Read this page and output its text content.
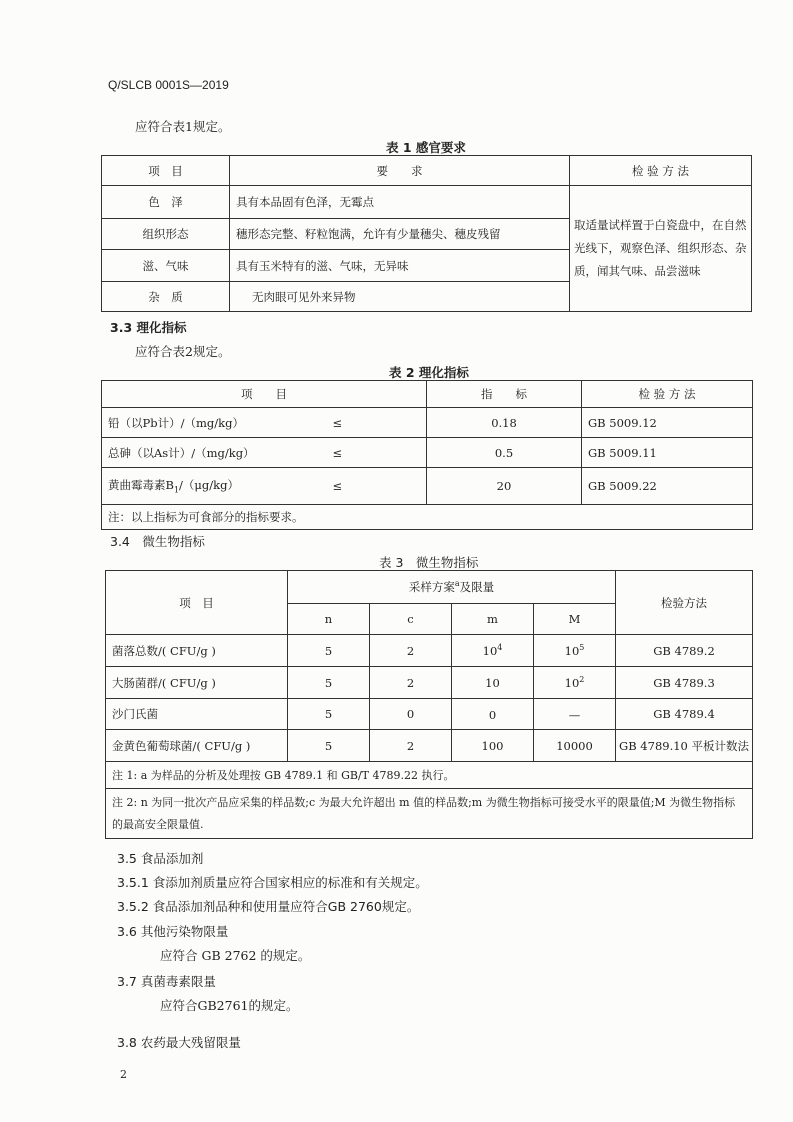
Q/SLCB 0001S—2019
应符合表1规定。
表 1 感官要求
项　目	要　　求	检 验 方 法
色　泽	具有本品固有色泽，无霉点	取适量试样置于白瓷盘中，在自然光线下，观察色泽、组织形态、杂质，闻其气味、品尝滋味
组织形态	穗形态完整、籽粒饱满，允许有少量穗尖、穗皮残留	
滋、气味	具有玉米特有的滋、气味，无异味	
杂　质	无肉眼可见外来异物	
3.3 理化指标
应符合表2规定。
表 2 理化指标
项　　目		指　　标	检 验 方 法
铅（以Pb计）/（mg/kg）	≤	0.18	GB 5009.12
总砷（以As计）/（mg/kg）	≤	0.5	GB 5009.11
黄曲霉毒素$B_1/(\mu g/kg)$	≤	20	GB 5009.22
注：以上指标为可食部分的指标要求。			
3.4　微生物指标
表 3　微生物指标
项　目	采样方案$^a$及限量				检验方法
	n	c	m	M	
菌落总数/( CFU/g )	5	2	$10^4$	$10^5$	GB 4789.2
大肠菌群/( CFU/g )	5	2	10	$10^2$	GB 4789.3
沙门氏菌	5	0	0	—	GB 4789.4
金黄色葡萄球菌/( CFU/g )	5	2	100	10000	GB 4789.10 平板计数法
注 1: a 为样品的分析及处理按 GB 4789.1 和 GB/T 4789.22 执行。					
注 2: n 为同一批次产品应采集的样品数;c 为最大允许超出 m 值的样品数;m 为微生物指标可接受水平的限量值;M 为微生物指标的最高安全限量值.					
3.5 食品添加剂
3.5.1 食添加剂质量应符合国家相应的标准和有关规定。
3.5.2 食品添加剂品种和使用量应符合GB 2760规定。
3.6 其他污染物限量
应符合 GB 2762 的规定。
3.7 真菌毒素限量
应符合GB2761的规定。
3.8 农药最大残留限量
2
